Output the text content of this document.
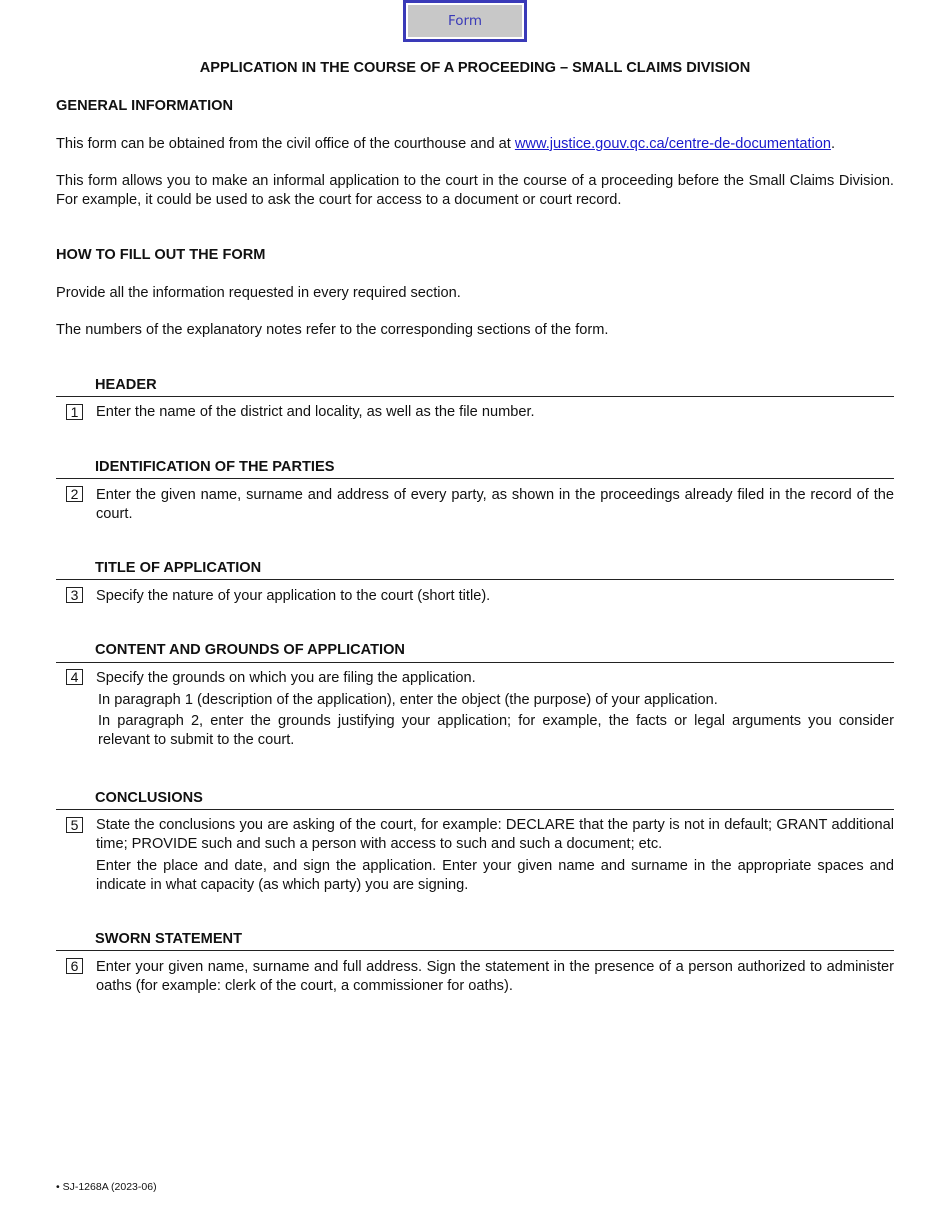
Form
APPLICATION IN THE COURSE OF A PROCEEDING – SMALL CLAIMS DIVISION
GENERAL INFORMATION
This form can be obtained from the civil office of the courthouse and at www.justice.gouv.qc.ca/centre-de-documentation.
This form allows you to make an informal application to the court in the course of a proceeding before the Small Claims Division. For example, it could be used to ask the court for access to a document or court record.
HOW TO FILL OUT THE FORM
Provide all the information requested in every required section.
The numbers of the explanatory notes refer to the corresponding sections of the form.
HEADER
1	Enter the name of the district and locality, as well as the file number.
IDENTIFICATION OF THE PARTIES
2	Enter the given name, surname and address of every party, as shown in the proceedings already filed in the record of the court.
TITLE OF APPLICATION
3	Specify the nature of your application to the court (short title).
CONTENT AND GROUNDS OF APPLICATION
4	Specify the grounds on which you are filing the application.
In paragraph 1 (description of the application), enter the object (the purpose) of your application.
In paragraph 2, enter the grounds justifying your application; for example, the facts or legal arguments you consider relevant to submit to the court.
CONCLUSIONS
5	State the conclusions you are asking of the court, for example: DECLARE that the party is not in default; GRANT additional time; PROVIDE such and such a person with access to such and such a document; etc.
Enter the place and date, and sign the application. Enter your given name and surname in the appropriate spaces and indicate in what capacity (as which party) you are signing.
SWORN STATEMENT
6	Enter your given name, surname and full address. Sign the statement in the presence of a person authorized to administer oaths (for example: clerk of the court, a commissioner for oaths).
• SJ-1268A (2023-06)
